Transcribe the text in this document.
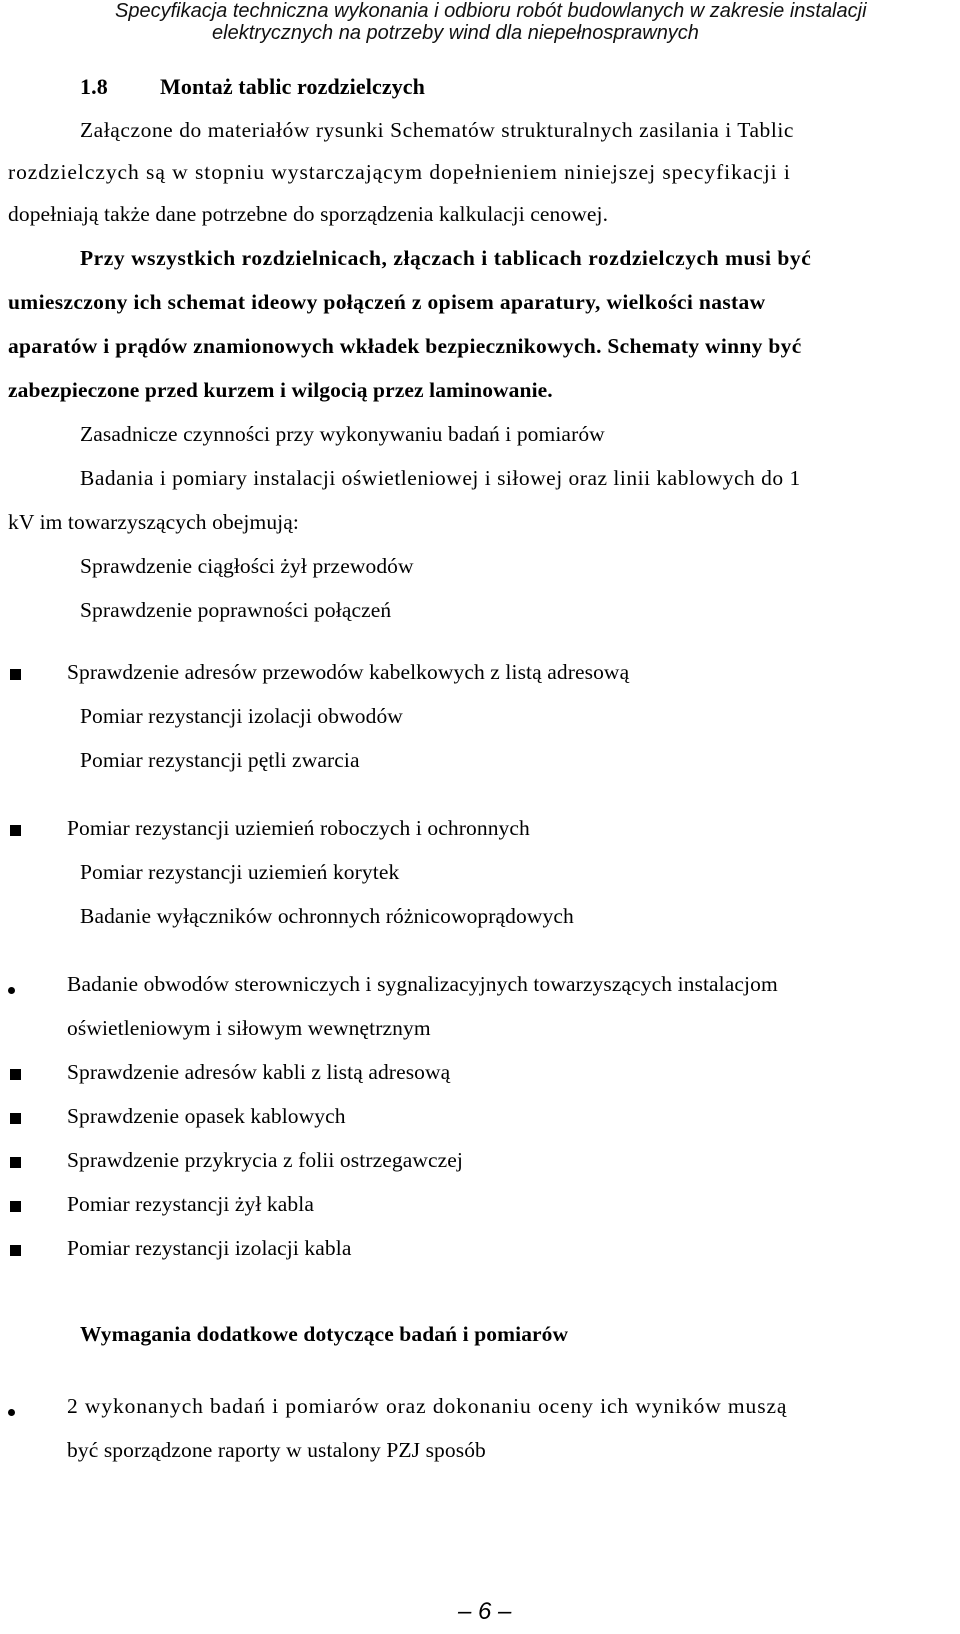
Specyfikacja techniczna wykonania i odbioru robót budowlanych w zakresie instalacji
elektrycznych na potrzeby wind dla niepełnosprawnych
1.8 Montaż tablic rozdzielczych
Załączone do materiałów rysunki Schematów strukturalnych zasilania i Tablic
rozdzielczych są w stopniu wystarczającym dopełnieniem niniejszej specyfikacji i
dopełniają także dane potrzebne do sporządzenia kalkulacji cenowej.
Przy wszystkich rozdzielnicach, złączach i tablicach rozdzielczych musi być
umieszczony ich schemat ideowy połączeń z opisem aparatury, wielkości nastaw
aparatów i prądów znamionowych wkładek bezpiecznikowych. Schematy winny być
zabezpieczone przed kurzem i wilgocią przez laminowanie.
Zasadnicze czynności przy wykonywaniu badań i pomiarów
Badania i pomiary instalacji oświetleniowej i siłowej oraz linii kablowych do 1
kV im towarzyszących obejmują:
Sprawdzenie ciągłości żył przewodów
Sprawdzenie poprawności połączeń
Sprawdzenie adresów przewodów kabelkowych z listą adresową
Pomiar rezystancji izolacji obwodów
Pomiar rezystancji pętli zwarcia
Pomiar rezystancji uziemień roboczych i ochronnych
Pomiar rezystancji uziemień korytek
Badanie wyłączników ochronnych różnicowoprądowych
Badanie obwodów sterowniczych i sygnalizacyjnych towarzyszących instalacjom
oświetleniowym i siłowym wewnętrznym
Sprawdzenie adresów kabli z listą adresową
Sprawdzenie opasek kablowych
Sprawdzenie przykrycia z folii ostrzegawczej
Pomiar rezystancji żył kabla
Pomiar rezystancji izolacji kabla
Wymagania dodatkowe dotyczące badań i pomiarów
2 wykonanych badań i pomiarów oraz dokonaniu oceny ich wyników muszą
być sporządzone raporty w ustalony PZJ sposób
– 6 –
